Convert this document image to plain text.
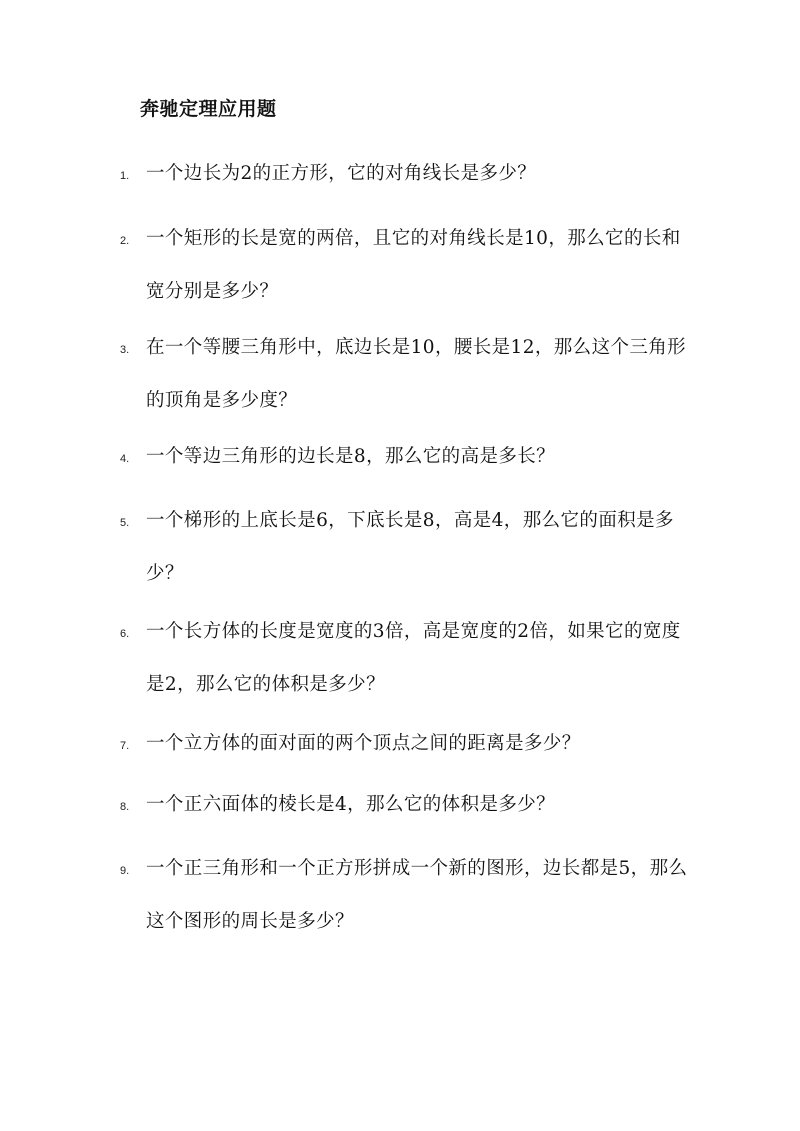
奔驰定理应用题
1. 一个边长为2的正方形，它的对角线长是多少？
2. 一个矩形的长是宽的两倍，且它的对角线长是10，那么它的长和宽分别是多少？
3. 在一个等腰三角形中，底边长是10，腰长是12，那么这个三角形的顶角是多少度？
4. 一个等边三角形的边长是8，那么它的高是多长？
5. 一个梯形的上底长是6，下底长是8，高是4，那么它的面积是多少？
6. 一个长方体的长度是宽度的3倍，高是宽度的2倍，如果它的宽度是2，那么它的体积是多少？
7. 一个立方体的面对面的两个顶点之间的距离是多少？
8. 一个正六面体的棱长是4，那么它的体积是多少？
9. 一个正三角形和一个正方形拼成一个新的图形，边长都是5，那么这个图形的周长是多少？
